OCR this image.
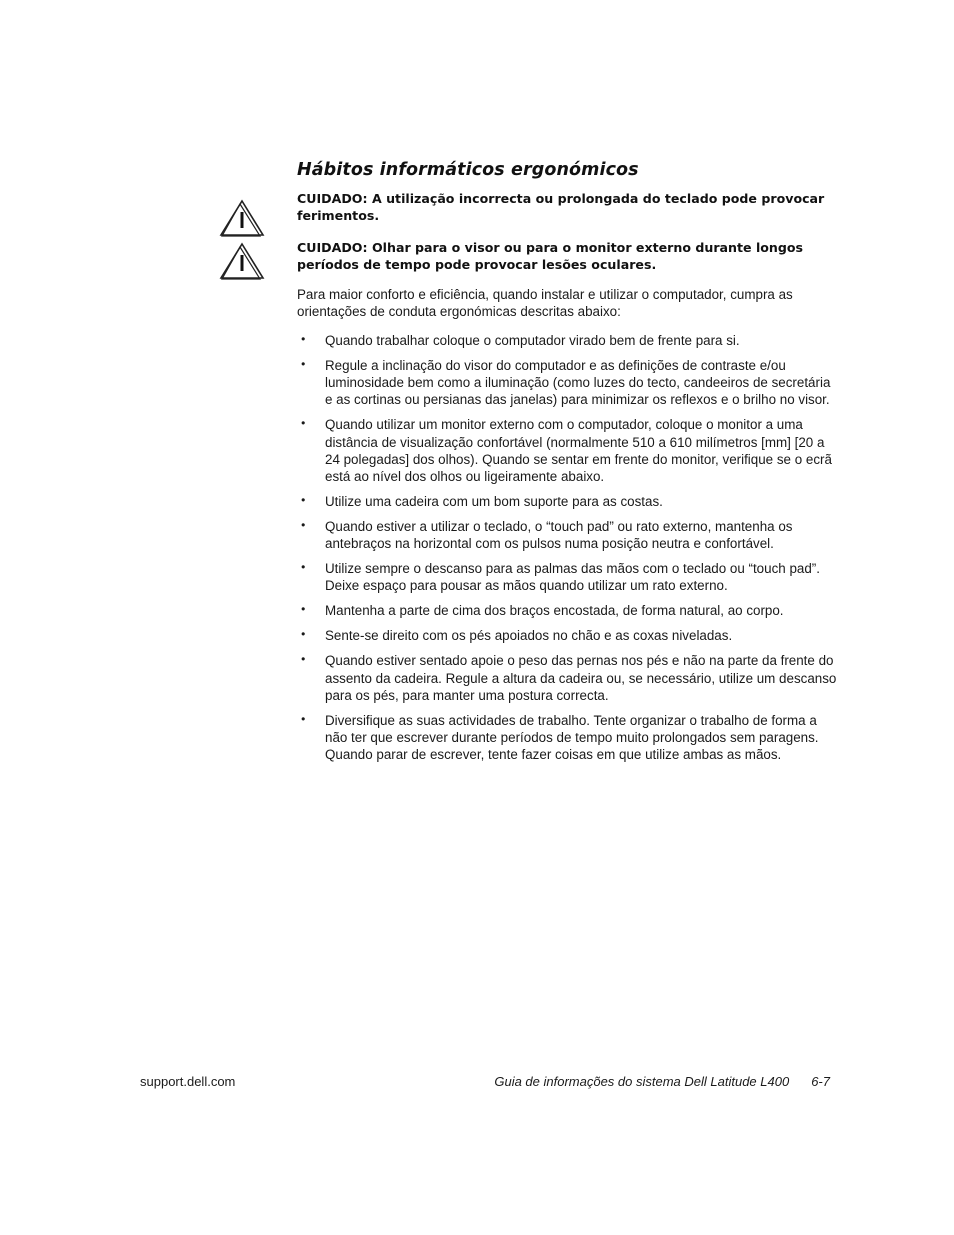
Hábitos informáticos ergonómicos
CUIDADO: A utilização incorrecta ou prolongada do teclado pode provocar ferimentos.
CUIDADO: Olhar para o visor ou para o monitor externo durante longos períodos de tempo pode provocar lesões oculares.

Para maior conforto e eficiência, quando instalar e utilizar o computador, cumpra as orientações de conduta ergonómicas descritas abaixo:

• Quando trabalhar coloque o computador virado bem de frente para si.
• Regule a inclinação do visor do computador e as definições de contraste e/ou luminosidade bem como a iluminação (como luzes do tecto, candeeiros de secretária e as cortinas ou persianas das janelas) para minimizar os reflexos e o brilho no visor.
• Quando utilizar um monitor externo com o computador, coloque o monitor a uma distância de visualização confortável (normalmente 510 a 610 milímetros [mm] [20 a 24 polegadas] dos olhos). Quando se sentar em frente do monitor, verifique se o ecrã está ao nível dos olhos ou ligeiramente abaixo.
• Utilize uma cadeira com um bom suporte para as costas.
• Quando estiver a utilizar o teclado, o “touch pad” ou rato externo, mantenha os antebraços na horizontal com os pulsos numa posição neutra e confortável.
• Utilize sempre o descanso para as palmas das mãos com o teclado ou “touch pad”. Deixe espaço para pousar as mãos quando utilizar um rato externo.
• Mantenha a parte de cima dos braços encostada, de forma natural, ao corpo.
• Sente-se direito com os pés apoiados no chão e as coxas niveladas.
• Quando estiver sentado apoie o peso das pernas nos pés e não na parte da frente do assento da cadeira. Regule a altura da cadeira ou, se necessário, utilize um descanso para os pés, para manter uma postura correcta.
• Diversifique as suas actividades de trabalho. Tente organizar o trabalho de forma a não ter que escrever durante períodos de tempo muito prolongados sem paragens. Quando parar de escrever, tente fazer coisas em que utilize ambas as mãos.
support.dell.com	Guia de informações do sistema Dell Latitude L400 6-7
